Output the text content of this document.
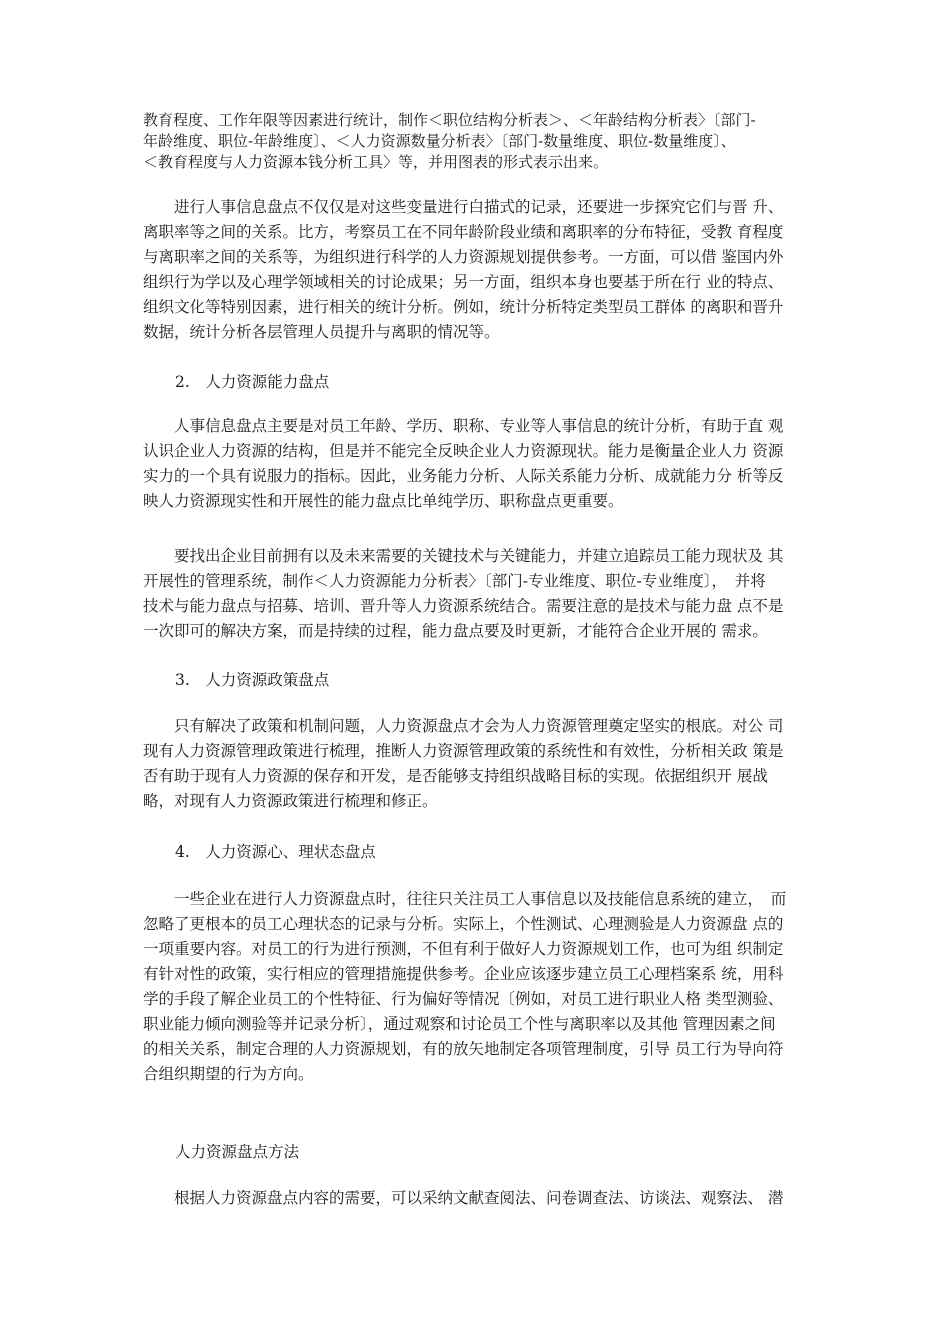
教育程度、工作年限等因素进行统计，制作＜职位结构分析表＞、＜年龄结构分析表〉〔部门-
年龄维度、职位-年龄维度〕、＜人力资源数量分析表〉〔部门-数量维度、职位-数量维度〕、
＜教育程度与人力资源本钱分析工具〉等，并用图表的形式表示出来。
　　进行人事信息盘点不仅仅是对这些变量进行白描式的记录，还要进一步探究它们与晋 升、
离职率等之间的关系。比方，考察员工在不同年龄阶段业绩和离职率的分布特征，受教 育程度
与离职率之间的关系等，为组织进行科学的人力资源规划提供参考。一方面，可以借 鉴国内外
组织行为学以及心理学领域相关的讨论成果；另一方面，组织本身也要基于所在行 业的特点、
组织文化等特别因素，进行相关的统计分析。例如，统计分析特定类型员工群体 的离职和晋升
数据，统计分析各层管理人员提升与离职的情况等。
2.　人力资源能力盘点
　　人事信息盘点主要是对员工年龄、学历、职称、专业等人事信息的统计分析，有助于直 观
认识企业人力资源的结构，但是并不能完全反映企业人力资源现状。能力是衡量企业人力 资源
实力的一个具有说服力的指标。因此，业务能力分析、人际关系能力分析、成就能力分 析等反
映人力资源现实性和开展性的能力盘点比单纯学历、职称盘点更重要。
　　要找出企业目前拥有以及未来需要的关键技术与关键能力，并建立追踪员工能力现状及 其
开展性的管理系统，制作＜人力资源能力分析表〉〔部门-专业维度、职位-专业维度〕，　并将
技术与能力盘点与招募、培训、晋升等人力资源系统结合。需要注意的是技术与能力盘 点不是
一次即可的解决方案，而是持续的过程，能力盘点要及时更新，才能符合企业开展的 需求。
3.　人力资源政策盘点
　　只有解决了政策和机制问题，人力资源盘点才会为人力资源管理奠定坚实的根底。对公 司
现有人力资源管理政策进行梳理，推断人力资源管理政策的系统性和有效性，分析相关政 策是
否有助于现有人力资源的保存和开发，是否能够支持组织战略目标的实现。依据组织开 展战
略，对现有人力资源政策进行梳理和修正。
4.　人力资源心、理状态盘点
　　一些企业在进行人力资源盘点时，往往只关注员工人事信息以及技能信息系统的建立，　而
忽略了更根本的员工心理状态的记录与分析。实际上，个性测试、心理测验是人力资源盘 点的
一项重要内容。对员工的行为进行预测，不但有利于做好人力资源规划工作，也可为组 织制定
有针对性的政策，实行相应的管理措施提供参考。企业应该逐步建立员工心理档案系 统，用科
学的手段了解企业员工的个性特征、行为偏好等情况〔例如，对员工进行职业人格 类型测验、
职业能力倾向测验等并记录分析〕，通过观察和讨论员工个性与离职率以及其他 管理因素之间
的相关关系，制定合理的人力资源规划，有的放矢地制定各项管理制度，引导 员工行为导向符
合组织期望的行为方向。
人力资源盘点方法
　　根据人力资源盘点内容的需要，可以采纳文献查阅法、问卷调查法、访谈法、观察法、 潜
